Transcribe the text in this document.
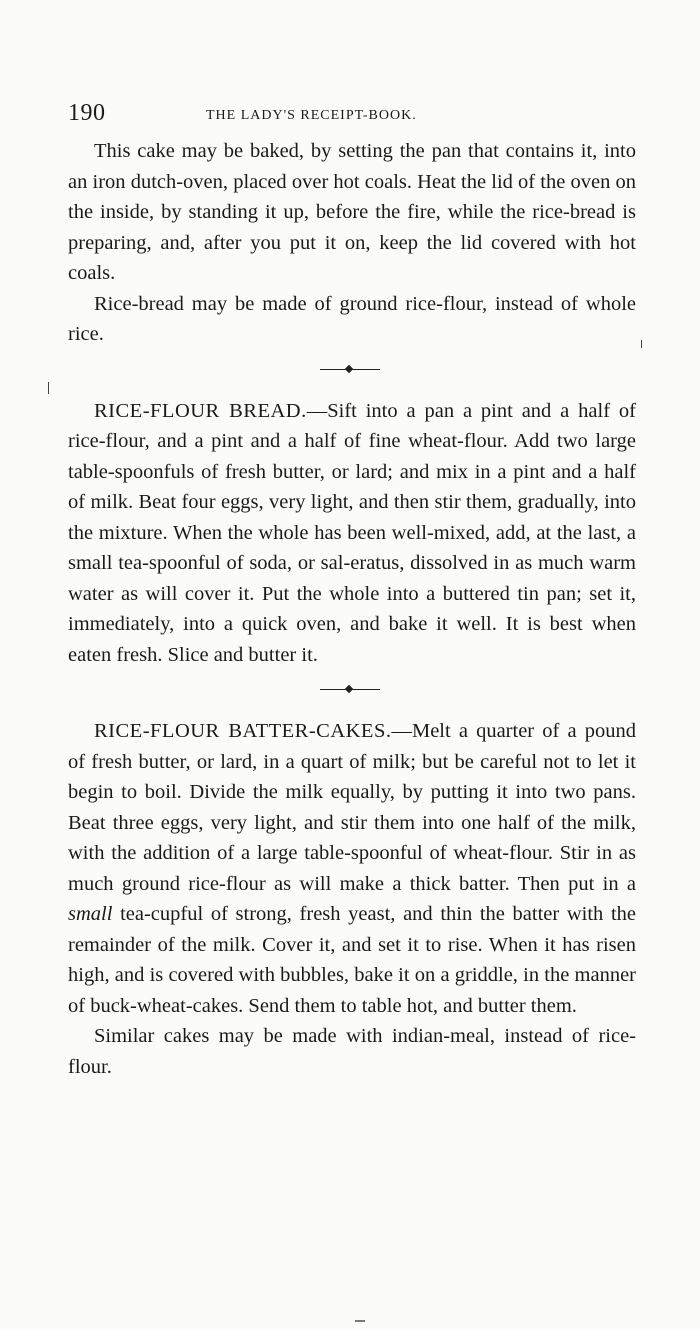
190	THE LADY'S RECEIPT-BOOK.

This cake may be baked, by setting the pan that contains it, into an iron dutch-oven, placed over hot coals. Heat the lid of the oven on the inside, by standing it up, before the fire, while the rice-bread is preparing, and, after you put it on, keep the lid covered with hot coals.

Rice-bread may be made of ground rice-flour, instead of whole rice.

RICE-FLOUR BREAD.—Sift into a pan a pint and a half of rice-flour, and a pint and a half of fine wheat-flour. Add two large table-spoonfuls of fresh butter, or lard; and mix in a pint and a half of milk. Beat four eggs, very light, and then stir them, gradually, into the mixture. When the whole has been well-mixed, add, at the last, a small tea-spoonful of soda, or sal-eratus, dissolved in as much warm water as will cover it. Put the whole into a buttered tin pan; set it, immediately, into a quick oven, and bake it well. It is best when eaten fresh. Slice and butter it.

RICE-FLOUR BATTER-CAKES.—Melt a quarter of a pound of fresh butter, or lard, in a quart of milk; but be careful not to let it begin to boil. Divide the milk equally, by putting it into two pans. Beat three eggs, very light, and stir them into one half of the milk, with the addition of a large table-spoonful of wheat-flour. Stir in as much ground rice-flour as will make a thick batter. Then put in a small tea-cupful of strong, fresh yeast, and thin the batter with the remainder of the milk. Cover it, and set it to rise. When it has risen high, and is covered with bubbles, bake it on a griddle, in the manner of buck-wheat-cakes. Send them to table hot, and butter them.

Similar cakes may be made with indian-meal, instead of rice-flour.
